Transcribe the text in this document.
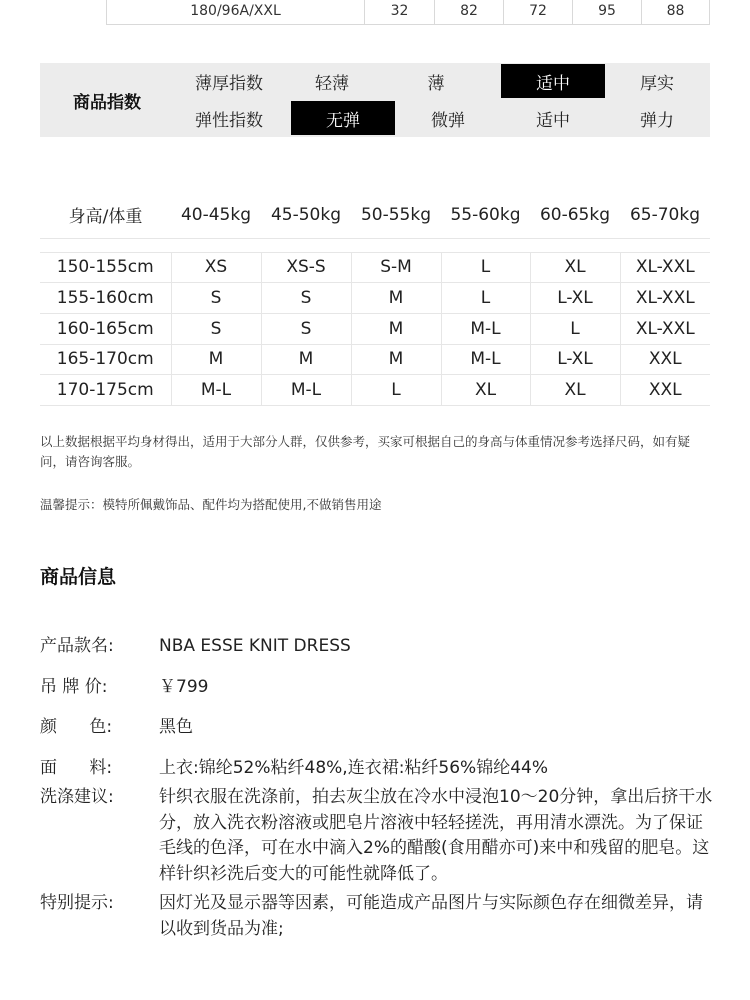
180/96A/XXL	32	82	72	95	88
商品指数
薄厚指数	轻薄	薄	适中	厚实
弹性指数	无弹	微弹	适中	弹力
身高/体重	40-45kg	45-50kg	50-55kg	55-60kg	60-65kg	65-70kg

150-155cm	XS	XS-S	S-M	L	XL	XL-XXL
155-160cm	S	S	M	L	L-XL	XL-XXL
160-165cm	S	S	M	M-L	L	XL-XXL
165-170cm	M	M	M	M-L	L-XL	XXL
170-175cm	M-L	M-L	L	XL	XL	XXL

以上数据根据平均身材得出，适用于大部分人群，仅供参考，买家可根据自己的身高与体重情况参考选择尺码，如有疑问，请咨询客服。

温馨提示：模特所佩戴饰品、配件均为搭配使用,不做销售用途

商品信息
产品款名:	NBA ESSE KNIT DRESS
吊 牌 价:	￥799
颜      色:	黑色
面      料:	上衣:锦纶52%粘纤48%,连衣裙:粘纤56%锦纶44%
洗涤建议:	针织衣服在洗涤前，拍去灰尘放在冷水中浸泡10～20分钟，拿出后挤干水分，放入洗衣粉溶液或肥皂片溶液中轻轻搓洗，再用清水漂洗。为了保证毛线的色泽，可在水中滴入2%的醋酸(食用醋亦可)来中和残留的肥皂。这样针织衫洗后变大的可能性就降低了。
特别提示:	因灯光及显示器等因素，可能造成产品图片与实际颜色存在细微差异，请以收到货品为准;
